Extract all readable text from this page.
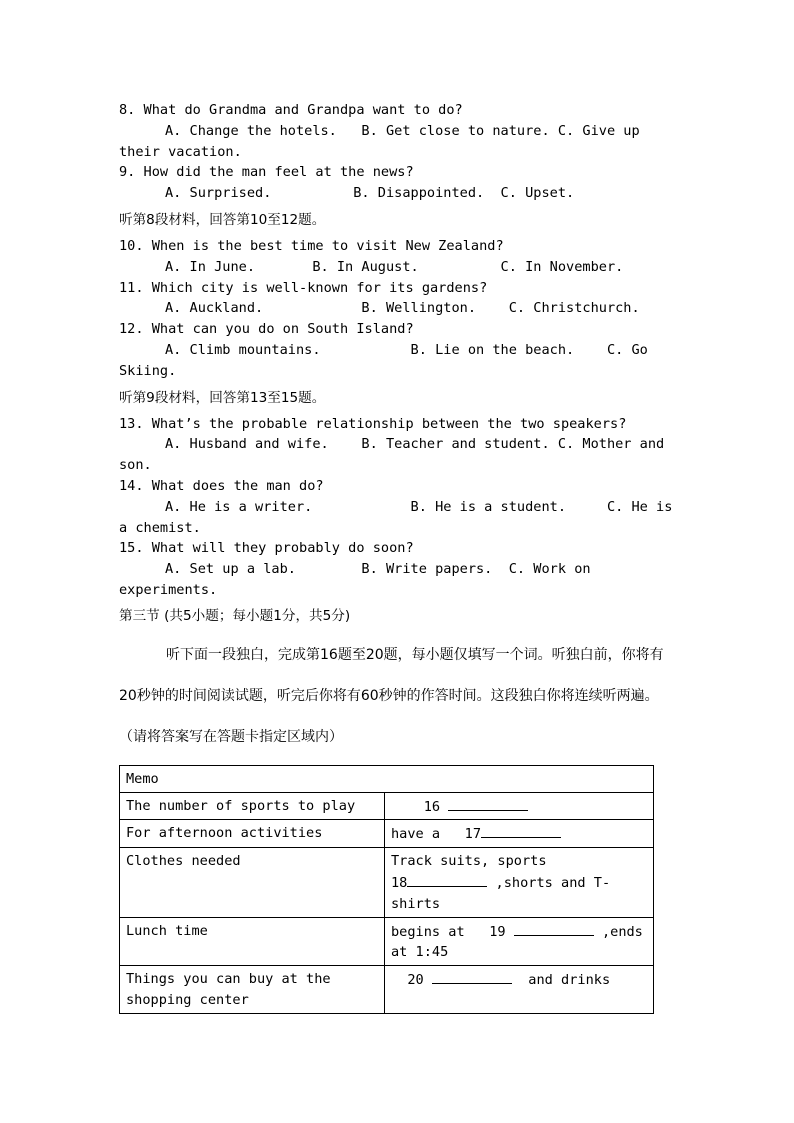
8. What do Grandma and Grandpa want to do?
A. Change the hotels.   B. Get close to nature. C. Give up
their vacation.
9. How did the man feel at the news?
A. Surprised.          B. Disappointed.  C. Upset.
听第8段材料，回答第10至12题。
10. When is the best time to visit New Zealand?
A. In June.       B. In August.          C. In November.
11. Which city is well-known for its gardens?
A. Auckland.            B. Wellington.    C. Christchurch.
12. What can you do on South Island?
A. Climb mountains.           B. Lie on the beach.    C. Go
Skiing.
听第9段材料，回答第13至15题。
13. What’s the probable relationship between the two speakers?
A. Husband and wife.    B. Teacher and student. C. Mother and
son.
14. What does the man do?
A. He is a writer.            B. He is a student.     C. He is
a chemist.
15. What will they probably do soon?
A. Set up a lab.        B. Write papers.  C. Work on
experiments.
第三节 (共5小题；每小题1分，共5分)
听下面一段独白，完成第16题至20题，每小题仅填写一个词。听独白前，你将有20秒钟的时间阅读试题，听完后你将有60秒钟的作答时间。这段独白你将连续听两遍。（请将答案写在答题卡指定区域内）
Memo	
The number of sports to play	16
For afternoon activities	have a   17
Clothes needed	Track suits, sports
18 ,shorts and T-
shirts
Lunch time	begins at   19 ,ends
at 1:45
Things you can buy at the
shopping center	20 and drinks
